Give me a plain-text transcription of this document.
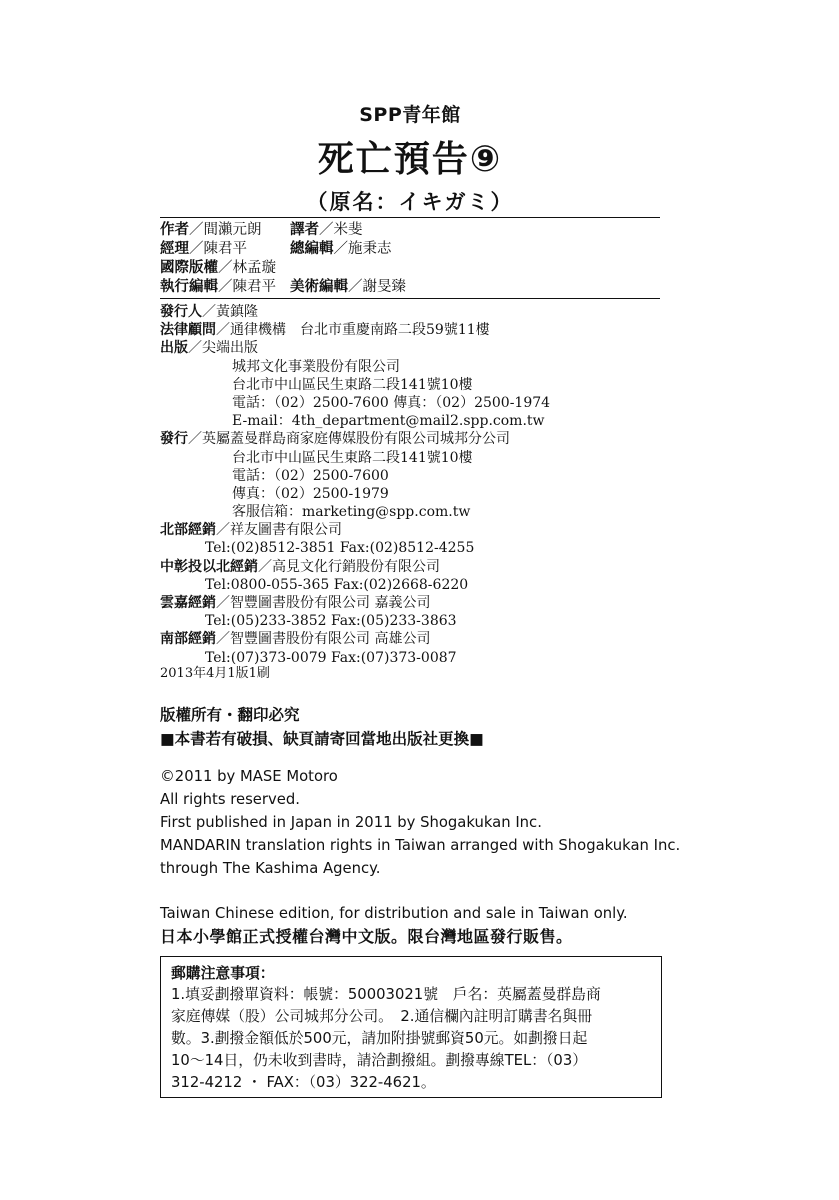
SPP青年館
死亡預告⑨
（原名：イキガミ）
作者／間瀨元朗 譯者／米斐
經理／陳君平	總編輯／施秉志
國際版權／林孟璇
執行編輯／陳君平 美術編輯／謝旻臻
發行人／黃鎮隆
法律顧問／通律機構　台北市重慶南路二段59號11樓
出版／尖端出版
城邦文化事業股份有限公司
台北市中山區民生東路二段141號10樓
電話：（02）2500-7600 傳真：（02）2500-1974
E-mail：4th_department@mail2.spp.com.tw
發行／英屬蓋曼群島商家庭傳媒股份有限公司城邦分公司
台北市中山區民生東路二段141號10樓
電話：（02）2500-7600
傳真：（02）2500-1979
客服信箱：marketing@spp.com.tw
北部經銷／祥友圖書有限公司
Tel:(02)8512-3851 Fax:(02)8512-4255
中彰投以北經銷／高見文化行銷股份有限公司
Tel:0800-055-365 Fax:(02)2668-6220
雲嘉經銷／智豐圖書股份有限公司 嘉義公司
Tel:(05)233-3852 Fax:(05)233-3863
南部經銷／智豐圖書股份有限公司 高雄公司
Tel:(07)373-0079 Fax:(07)373-0087
2013年4月1版1刷
版權所有・翻印必究
■本書若有破損、缺頁請寄回當地出版社更換■
©2011 by MASE Motoro
All rights reserved.
First published in Japan in 2011 by Shogakukan Inc.
MANDARIN translation rights in Taiwan arranged with Shogakukan Inc.
through The Kashima Agency.
Taiwan Chinese edition, for distribution and sale in Taiwan only.
日本小學館正式授權台灣中文版。限台灣地區發行販售。
郵購注意事項：
1.填妥劃撥單資料：帳號：50003021號　戶名：英屬蓋曼群島商
家庭傳媒（股）公司城邦分公司。　2.通信欄內註明訂購書名與冊
數。3.劃撥金額低於500元，請加附掛號郵資50元。如劃撥日起
10～14日，仍未收到書時，請洽劃撥組。劃撥專線TEL：（03）
312-4212 ・ FAX：（03）322-4621。
